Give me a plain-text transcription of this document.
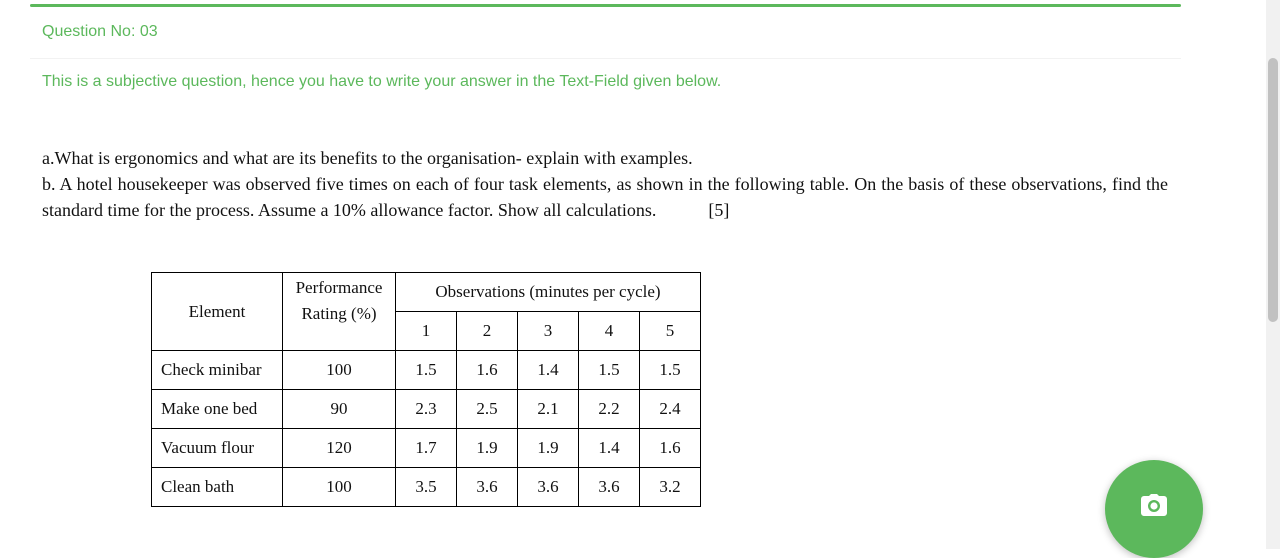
Question No: 03
This is a subjective question, hence you have to write your answer in the Text-Field given below.

a.What is ergonomics and what are its benefits to the organisation- explain with examples.

b. A hotel housekeeper was observed five times on each of four task elements, as shown in the following table. On the basis of these observations, find the standard time for the process. Assume a 10% allowance factor. Show all calculations.	[5]

Element	Performance Rating (%)	Observations (minutes per cycle)				
		1	2	3	4	5
Check minibar	100	1.5	1.6	1.4	1.5	1.5
Make one bed	90	2.3	2.5	2.1	2.2	2.4
Vacuum flour	120	1.7	1.9	1.9	1.4	1.6
Clean bath	100	3.5	3.6	3.6	3.6	3.2
